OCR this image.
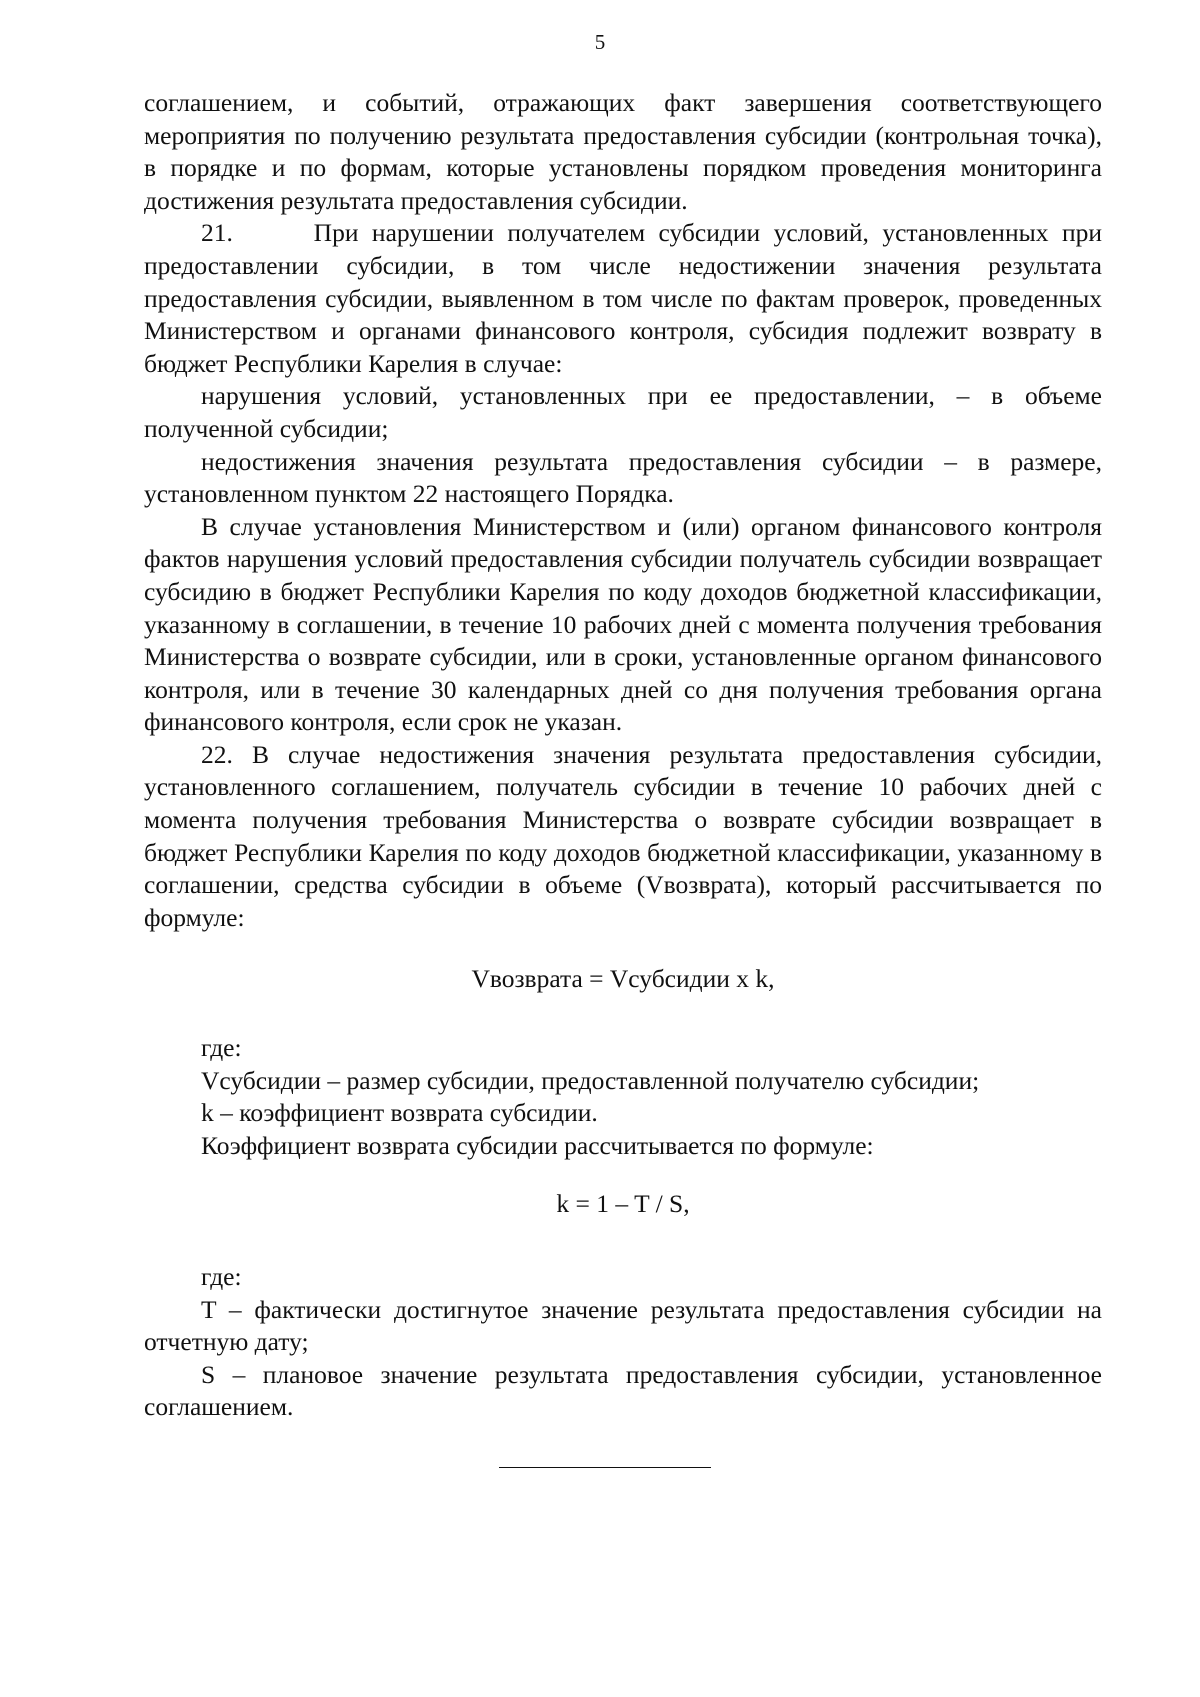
5

соглашением, и событий, отражающих факт завершения соответствующего мероприятия по получению результата предоставления субсидии (контрольная точка), в порядке и по формам, которые установлены порядком проведения мониторинга достижения результата предоставления субсидии.

21.      При нарушении получателем субсидии условий, установленных при предоставлении субсидии, в том числе недостижении значения результата предоставления субсидии, выявленном в том числе по фактам проверок, проведенных Министерством и органами финансового контроля, субсидия подлежит возврату в бюджет Республики Карелия в случае:

нарушения условий, установленных при ее предоставлении, – в объеме полученной субсидии;

недостижения значения результата предоставления субсидии – в размере, установленном пунктом 22 настоящего Порядка.

В случае установления Министерством и (или) органом финансового контроля фактов нарушения условий предоставления субсидии получатель субсидии возвращает субсидию в бюджет Республики Карелия по коду доходов бюджетной классификации, указанному в соглашении, в течение 10 рабочих дней с момента получения требования Министерства о возврате субсидии, или в сроки, установленные органом финансового контроля, или в течение 30 календарных дней со дня получения требования органа финансового контроля, если срок не указан.

22. В случае недостижения значения результата предоставления субсидии, установленного соглашением, получатель субсидии в течение 10 рабочих дней с момента получения требования Министерства о возврате субсидии возвращает в бюджет Республики Карелия по коду доходов бюджетной классификации, указанному в соглашении, средства субсидии в объеме (Vвозврата), который рассчитывается по формуле:

Vвозврата = Vсубсидии x k,

где:

Vсубсидии – размер субсидии, предоставленной получателю субсидии;

k – коэффициент возврата субсидии.

Коэффициент возврата субсидии рассчитывается по формуле:

k = 1 – T / S,

где:

T – фактически достигнутое значение результата предоставления субсидии на отчетную дату;

S – плановое значение результата предоставления субсидии, установленное соглашением.
